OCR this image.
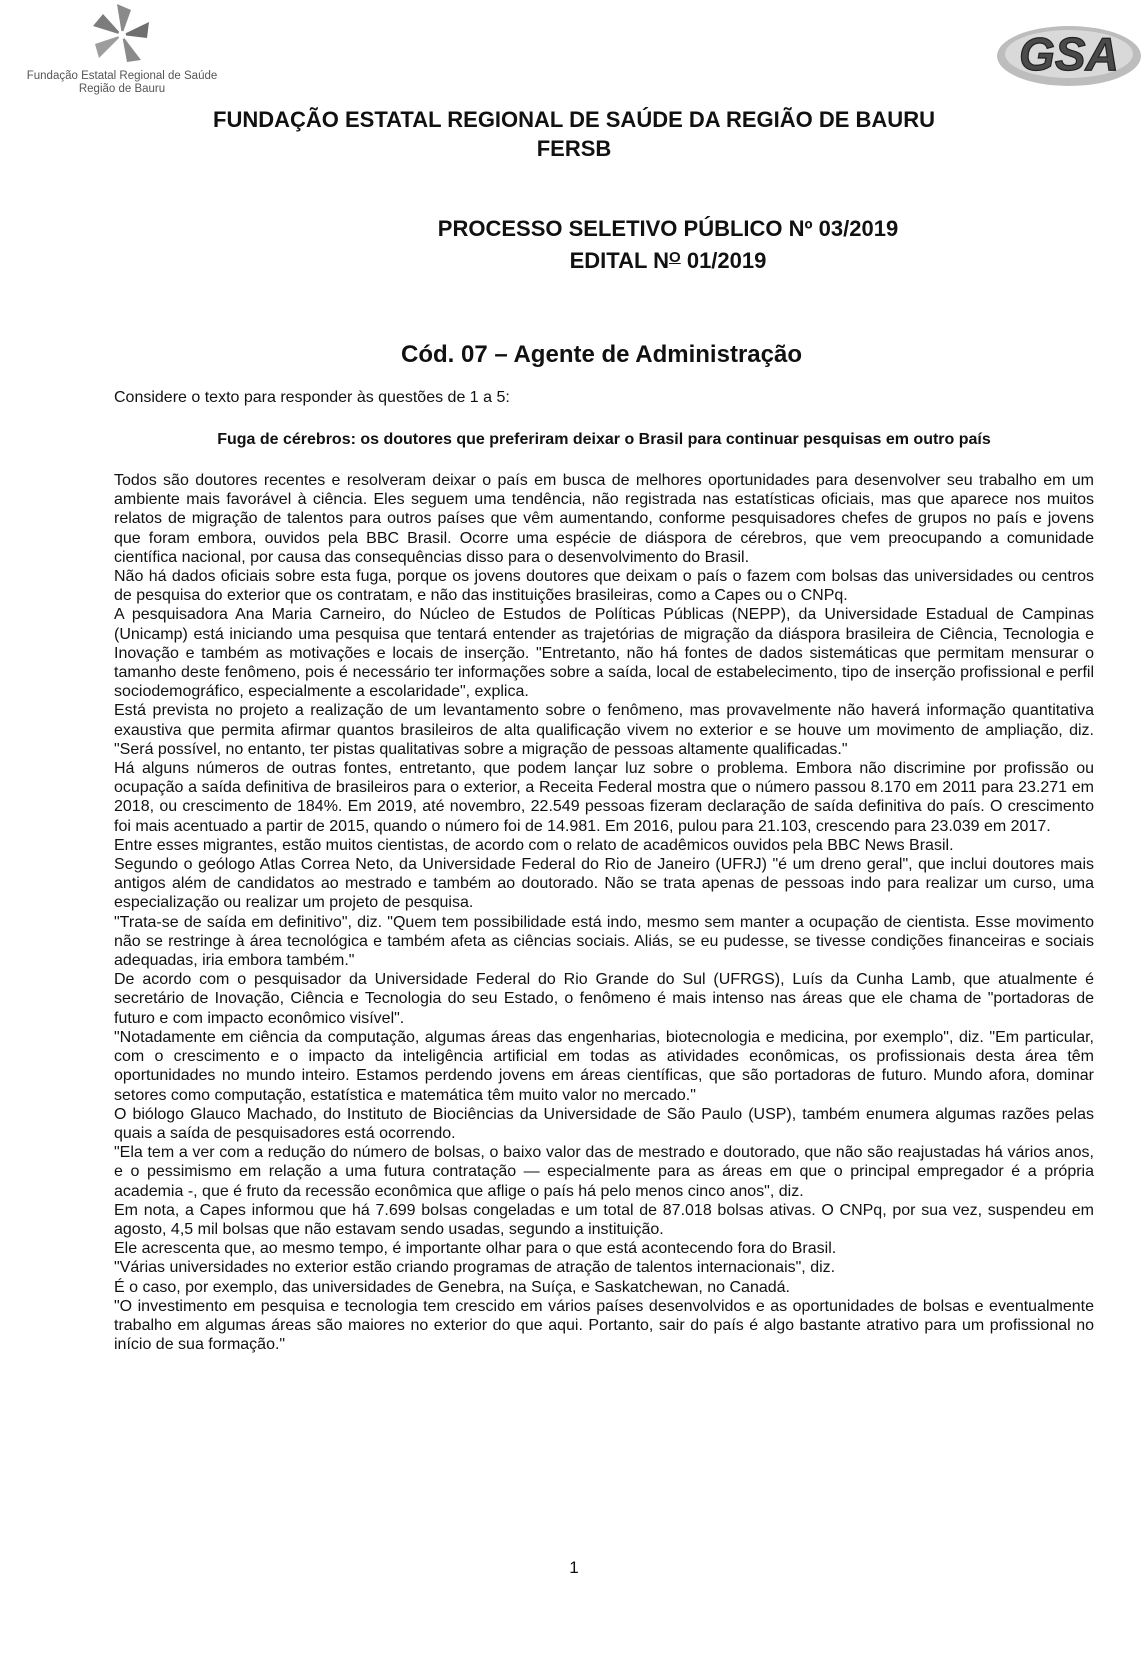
Fundação Estatal Regional de Saúde
Região de Bauru
GSA
FUNDAÇÃO ESTATAL REGIONAL DE SAÚDE DA REGIÃO DE BAURU
FERSB
PROCESSO SELETIVO PÚBLICO Nº 03/2019
EDITAL $N^O$ 01/2019
Cód. 07 – Agente de Administração
Considere o texto para responder às questões de 1 a 5:
Fuga de cérebros: os doutores que preferiram deixar o Brasil para continuar pesquisas em outro país

Todos são doutores recentes e resolveram deixar o país em busca de melhores oportunidades para desenvolver seu trabalho em um ambiente mais favorável à ciência. Eles seguem uma tendência, não registrada nas estatísticas oficiais, mas que aparece nos muitos relatos de migração de talentos para outros países que vêm aumentando, conforme pesquisadores chefes de grupos no país e jovens que foram embora, ouvidos pela BBC Brasil. Ocorre uma espécie de diáspora de cérebros, que vem preocupando a comunidade científica nacional, por causa das consequências disso para o desenvolvimento do Brasil.

Não há dados oficiais sobre esta fuga, porque os jovens doutores que deixam o país o fazem com bolsas das universidades ou centros de pesquisa do exterior que os contratam, e não das instituições brasileiras, como a Capes ou o CNPq.

A pesquisadora Ana Maria Carneiro, do Núcleo de Estudos de Políticas Públicas (NEPP), da Universidade Estadual de Campinas (Unicamp) está iniciando uma pesquisa que tentará entender as trajetórias de migração da diáspora brasileira de Ciência, Tecnologia e Inovação e também as motivações e locais de inserção. "Entretanto, não há fontes de dados sistemáticas que permitam mensurar o tamanho deste fenômeno, pois é necessário ter informações sobre a saída, local de estabelecimento, tipo de inserção profissional e perfil sociodemográfico, especialmente a escolaridade", explica.

Está prevista no projeto a realização de um levantamento sobre o fenômeno, mas provavelmente não haverá informação quantitativa exaustiva que permita afirmar quantos brasileiros de alta qualificação vivem no exterior e se houve um movimento de ampliação, diz. "Será possível, no entanto, ter pistas qualitativas sobre a migração de pessoas altamente qualificadas."

Há alguns números de outras fontes, entretanto, que podem lançar luz sobre o problema. Embora não discrimine por profissão ou ocupação a saída definitiva de brasileiros para o exterior, a Receita Federal mostra que o número passou 8.170 em 2011 para 23.271 em 2018, ou crescimento de 184%. Em 2019, até novembro, 22.549 pessoas fizeram declaração de saída definitiva do país. O crescimento foi mais acentuado a partir de 2015, quando o número foi de 14.981. Em 2016, pulou para 21.103, crescendo para 23.039 em 2017.

Entre esses migrantes, estão muitos cientistas, de acordo com o relato de acadêmicos ouvidos pela BBC News Brasil.

Segundo o geólogo Atlas Correa Neto, da Universidade Federal do Rio de Janeiro (UFRJ) "é um dreno geral", que inclui doutores mais antigos além de candidatos ao mestrado e também ao doutorado. Não se trata apenas de pessoas indo para realizar um curso, uma especialização ou realizar um projeto de pesquisa.

"Trata-se de saída em definitivo", diz. "Quem tem possibilidade está indo, mesmo sem manter a ocupação de cientista. Esse movimento não se restringe à área tecnológica e também afeta as ciências sociais. Aliás, se eu pudesse, se tivesse condições financeiras e sociais adequadas, iria embora também."

De acordo com o pesquisador da Universidade Federal do Rio Grande do Sul (UFRGS), Luís da Cunha Lamb, que atualmente é secretário de Inovação, Ciência e Tecnologia do seu Estado, o fenômeno é mais intenso nas áreas que ele chama de "portadoras de futuro e com impacto econômico visível".

"Notadamente em ciência da computação, algumas áreas das engenharias, biotecnologia e medicina, por exemplo", diz. "Em particular, com o crescimento e o impacto da inteligência artificial em todas as atividades econômicas, os profissionais desta área têm oportunidades no mundo inteiro. Estamos perdendo jovens em áreas científicas, que são portadoras de futuro. Mundo afora, dominar setores como computação, estatística e matemática têm muito valor no mercado."

O biólogo Glauco Machado, do Instituto de Biociências da Universidade de São Paulo (USP), também enumera algumas razões pelas quais a saída de pesquisadores está ocorrendo.

"Ela tem a ver com a redução do número de bolsas, o baixo valor das de mestrado e doutorado, que não são reajustadas há vários anos, e o pessimismo em relação a uma futura contratação — especialmente para as áreas em que o principal empregador é a própria academia -, que é fruto da recessão econômica que aflige o país há pelo menos cinco anos", diz.

Em nota, a Capes informou que há 7.699 bolsas congeladas e um total de 87.018 bolsas ativas. O CNPq, por sua vez, suspendeu em agosto, 4,5 mil bolsas que não estavam sendo usadas, segundo a instituição.

Ele acrescenta que, ao mesmo tempo, é importante olhar para o que está acontecendo fora do Brasil.

"Várias universidades no exterior estão criando programas de atração de talentos internacionais", diz.

É o caso, por exemplo, das universidades de Genebra, na Suíça, e Saskatchewan, no Canadá.

"O investimento em pesquisa e tecnologia tem crescido em vários países desenvolvidos e as oportunidades de bolsas e eventualmente trabalho em algumas áreas são maiores no exterior do que aqui. Portanto, sair do país é algo bastante atrativo para um profissional no início de sua formação."

1
